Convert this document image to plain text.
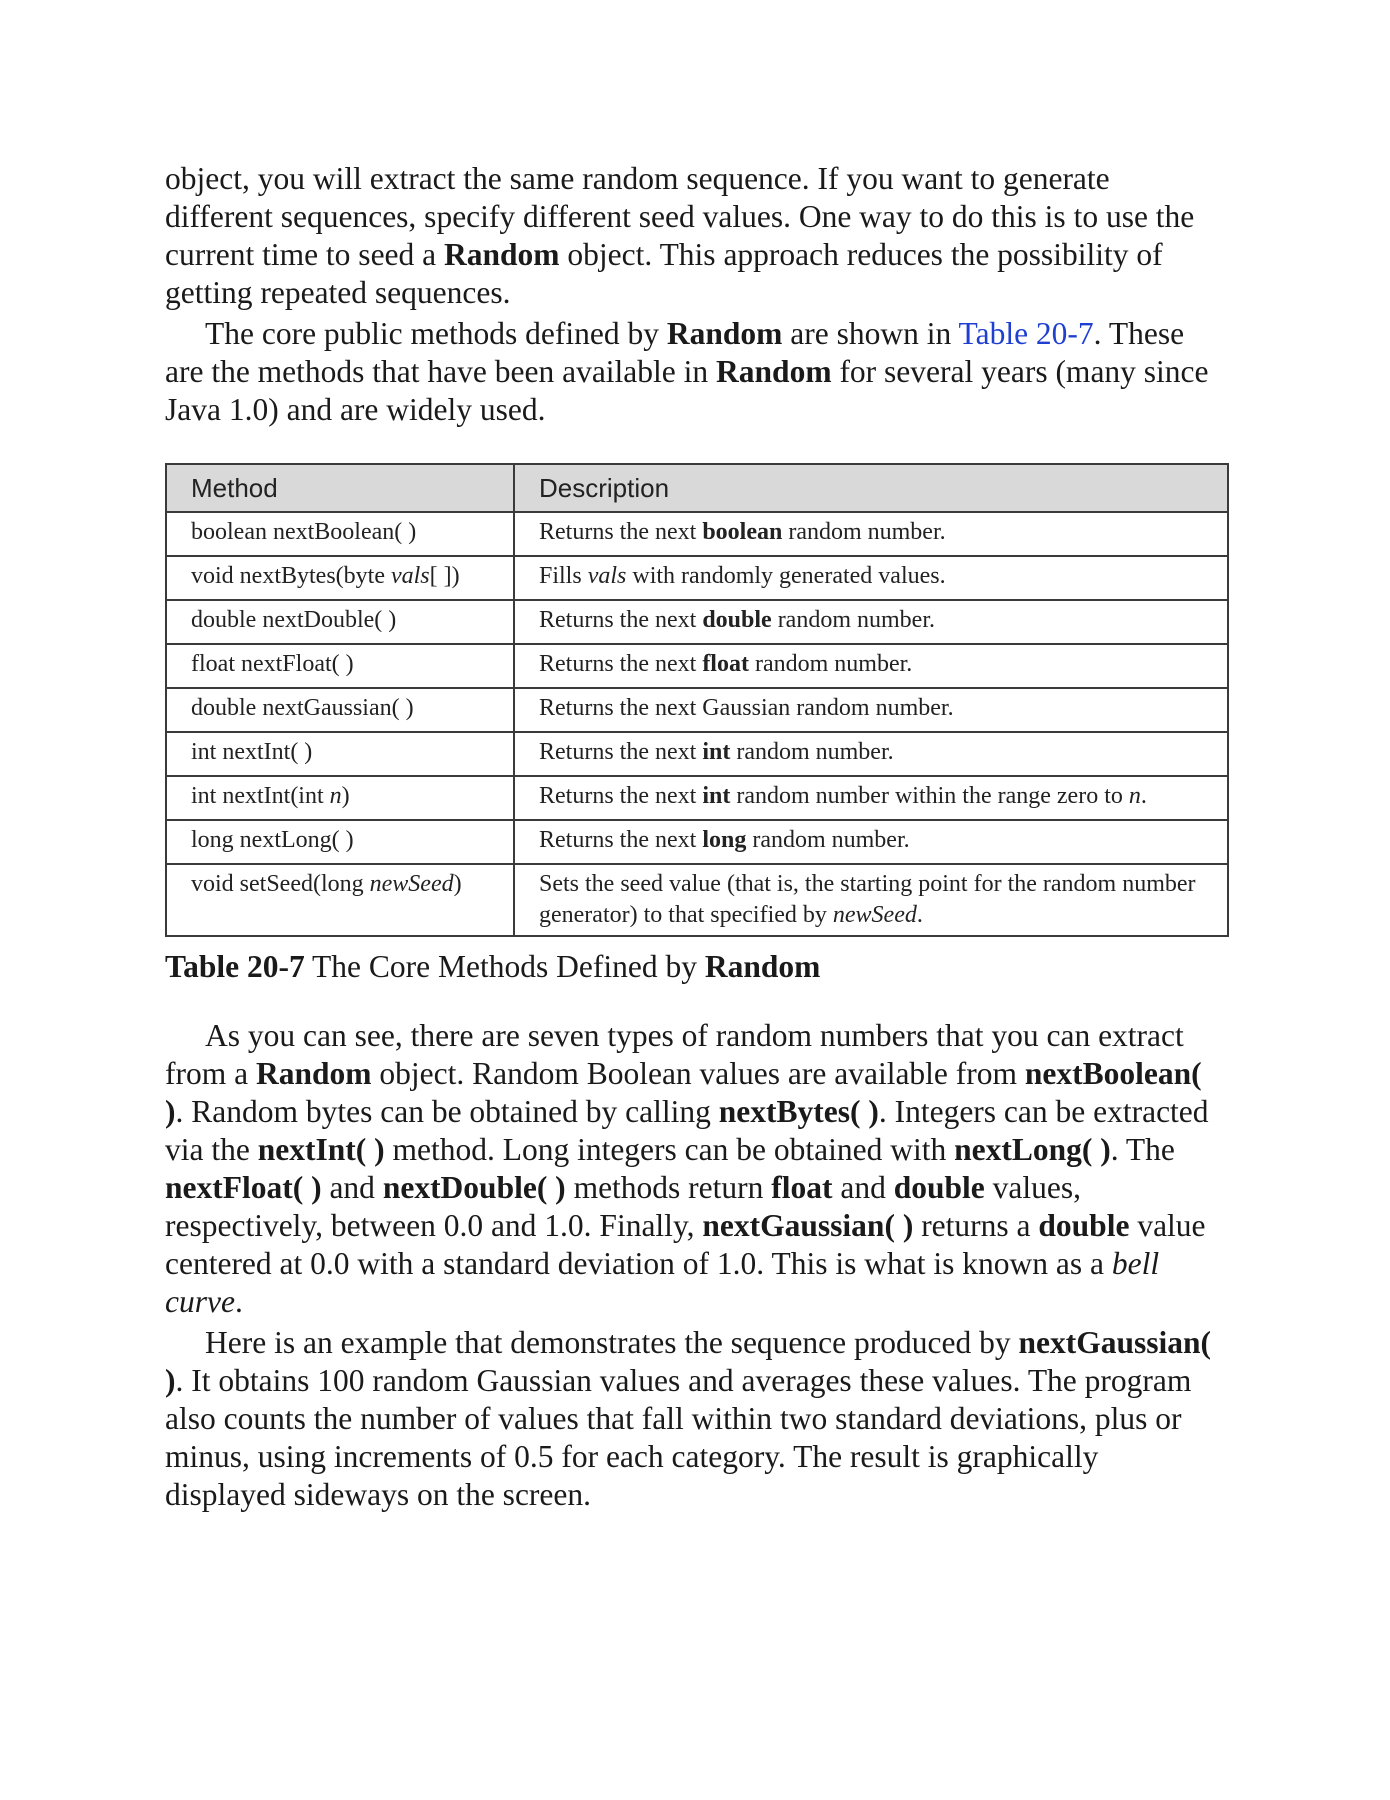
object, you will extract the same random sequence. If you want to generate different sequences, specify different seed values. One way to do this is to use the current time to seed a Random object. This approach reduces the possibility of getting repeated sequences.

The core public methods defined by Random are shown in Table 20-7. These are the methods that have been available in Random for several years (many since Java 1.0) and are widely used.

Method	Description
boolean nextBoolean( )	Returns the next boolean random number.
void nextBytes(byte vals[ ])	Fills vals with randomly generated values.
double nextDouble( )	Returns the next double random number.
float nextFloat( )	Returns the next float random number.
double nextGaussian( )	Returns the next Gaussian random number.
int nextInt( )	Returns the next int random number.
int nextInt(int n)	Returns the next int random number within the range zero to n.
long nextLong( )	Returns the next long random number.
void setSeed(long newSeed)	Sets the seed value (that is, the starting point for the random number generator) to that specified by newSeed.
Table 20-7 The Core Methods Defined by Random

As you can see, there are seven types of random numbers that you can extract from a Random object. Random Boolean values are available from nextBoolean( ). Random bytes can be obtained by calling nextBytes( ). Integers can be extracted via the nextInt( ) method. Long integers can be obtained with nextLong( ). The nextFloat( ) and nextDouble( ) methods return float and double values, respectively, between 0.0 and 1.0. Finally, nextGaussian( ) returns a double value centered at 0.0 with a standard deviation of 1.0. This is what is known as a bell curve.

Here is an example that demonstrates the sequence produced by nextGaussian( ). It obtains 100 random Gaussian values and averages these values. The program also counts the number of values that fall within two standard deviations, plus or minus, using increments of 0.5 for each category. The result is graphically displayed sideways on the screen.
